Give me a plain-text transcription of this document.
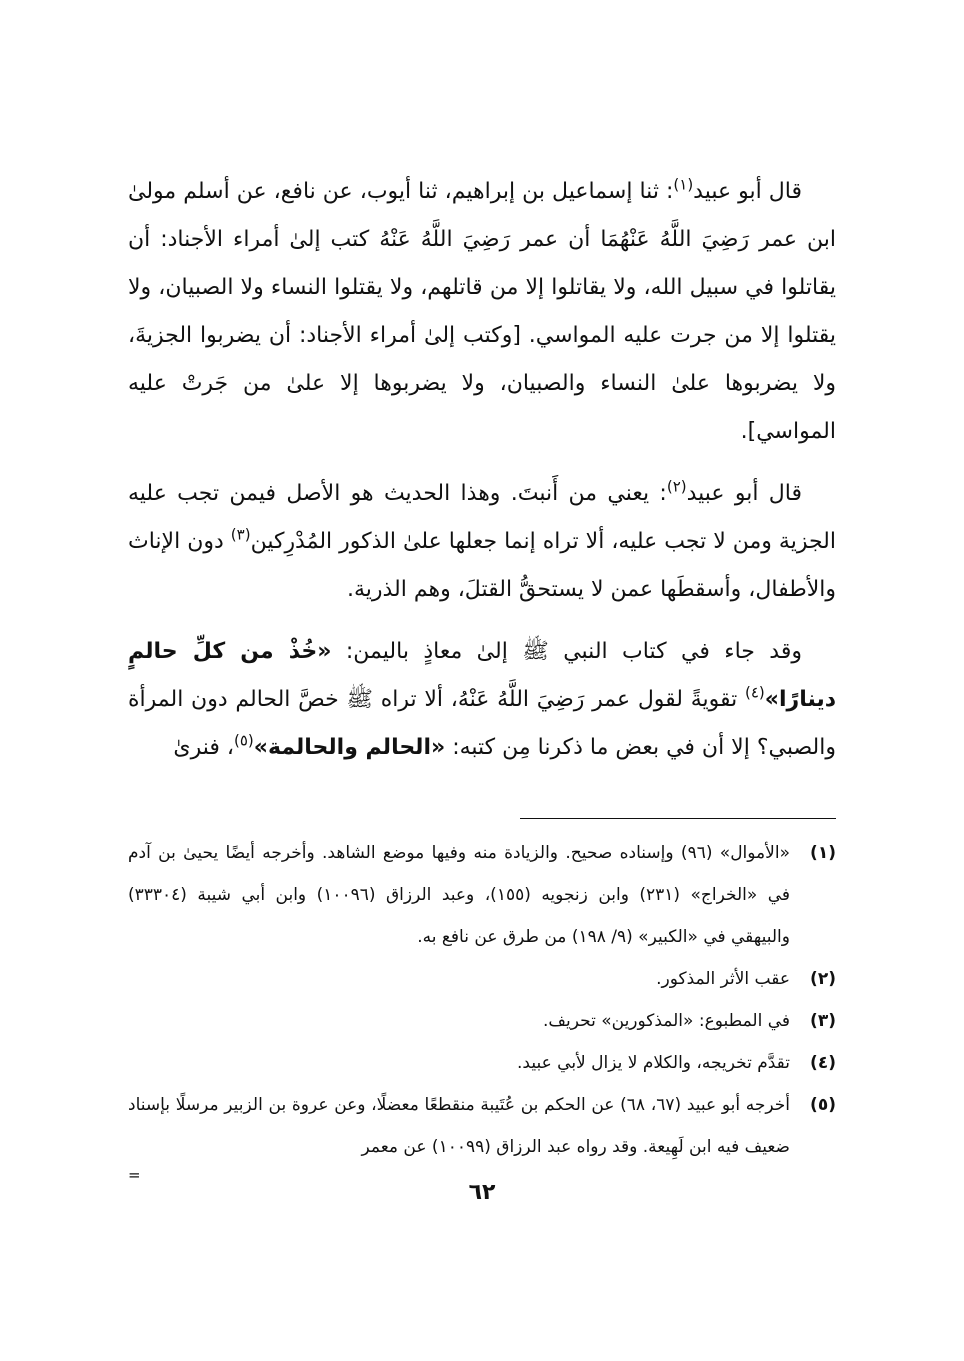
قال أبو عبيد$^{(١)}$: ثنا إسماعيل بن إبراهيم، ثنا أيوب، عن نافع، عن أسلم مولىٰ ابن عمر رَضِيَ اللَّهُ عَنْهُمَا أن عمر رَضِيَ اللَّهُ عَنْهُ كتب إلىٰ أمراء الأجناد: أن يقاتلوا في سبيل الله، ولا يقاتلوا إلا من قاتلهم، ولا يقتلوا النساء ولا الصبيان، ولا يقتلوا إلا من جرت عليه المواسي. [وكتب إلىٰ أمراء الأجناد: أن يضربوا الجزيةَ، ولا يضربوها علىٰ النساء والصبيان، ولا يضربوها إلا علىٰ من جَرتْ عليه المواسي].

قال أبو عبيد$^{(٢)}$: يعني من أَنبتَ. وهذا الحديث هو الأصل فيمن تجب عليه الجزية ومن لا تجب عليه، ألا تراه إنما جعلها علىٰ الذكور المُدْرِكين$^{(٣)}$ دون الإناث والأطفال، وأسقطَها عمن لا يستحقُّ القتلَ، وهم الذرية.

وقد جاء في كتاب النبي ﷺ إلىٰ معاذٍ باليمن: «خُذْ من كلِّ حالمٍ دينارًا»$^{(٤)}$ تقويةً لقول عمر رَضِيَ اللَّهُ عَنْهُ، ألا تراه ﷺ خصَّ الحالم دون المرأة والصبي؟ إلا أن في بعض ما ذكرنا مِن كتبه: «الحالم والحالمة»$^{(٥)}$، فنرىٰ

(١)
«الأموال» (٩٦) وإسناده صحيح. والزيادة منه وفيها موضع الشاهد. وأخرجه أيضًا يحيىٰ بن آدم في «الخراج» (٢٣١) وابن زنجويه (١٥٥)، وعبد الرزاق (١٠٠٩٦) وابن أبي شيبة (٣٣٣٠٤) والبيهقي في «الكبير» (٩/ ١٩٨) من طرق عن نافع به.
(٢)
عقب الأثر المذكور.
(٣)
في المطبوع: «المذكورين» تحريف.
(٤)
تقدَّم تخريجه، والكلام لا يزال لأبي عبيد.
(٥)
أخرجه أبو عبيد (٦٧، ٦٨) عن الحكم بن عُتَيبة منقطعًا معضلًا، وعن عروة بن الزبير مرسلًا بإسناد ضعيف فيه ابن لَهِيعة. وقد رواه عبد الرزاق (١٠٠٩٩) عن معمر
=
٦٢
